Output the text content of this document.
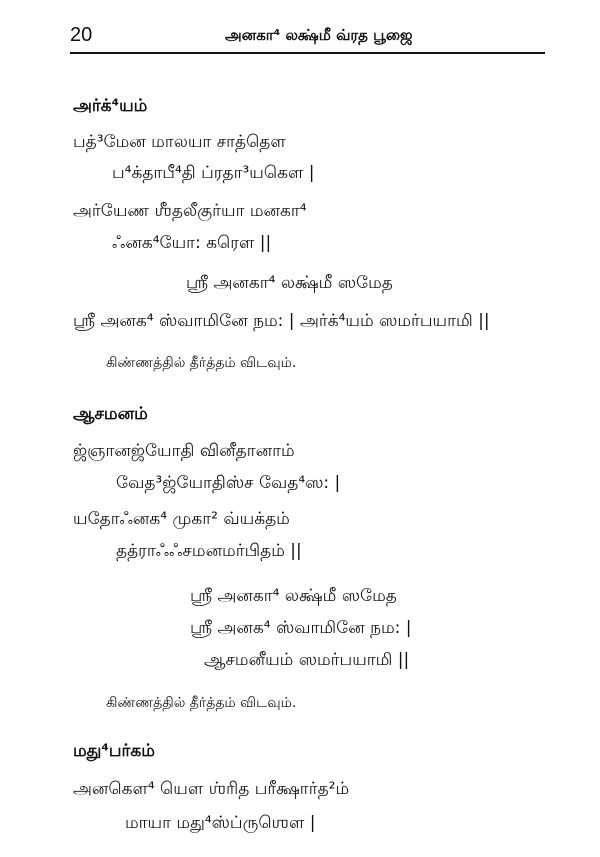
20	அனகா⁴ லக்ஷ்மீ வ்ரத பூஜை
அர்க்⁴யம்
பத்³மேன மாலயா சாத்தௌ
ப⁴க்தாபீ⁴தி ப்ரதா³யகௌ |
அர்யேண ஶீதலீகுர்யா மனகா⁴
ஃனக⁴யோ: கரௌ ||
ஸ்ரீ அனகா⁴ லக்ஷ்மீ ஸமேத
ஸ்ரீ அனக⁴ ஸ்வாமினே நம: | அர்க்⁴யம் ஸமர்பயாமி ||
கிண்ணத்தில் தீர்த்தம் விடவும்.
ஆசமனம்
ஜ்ஞானஜ்யோதி வினீதானாம்
வேத³ஜ்யோதிஸ்ச வேத⁴ஸ: |
யதோஃனக⁴ முகா² வ்யக்தம்
தத்ராஃஃசமனமர்பிதம் ||
ஸ்ரீ அனகா⁴ லக்ஷ்மீ ஸமேத
ஸ்ரீ அனக⁴ ஸ்வாமினே நம: |
ஆசமனீயம் ஸமர்பயாமி ||
கிண்ணத்தில் தீர்த்தம் விடவும்.
மது⁴பர்கம்
அனகௌ⁴ யௌ ஶ்ரித பரீக்ஷார்த²ம்
மாயா மது⁴ஸ்ப்ருஶௌ |
